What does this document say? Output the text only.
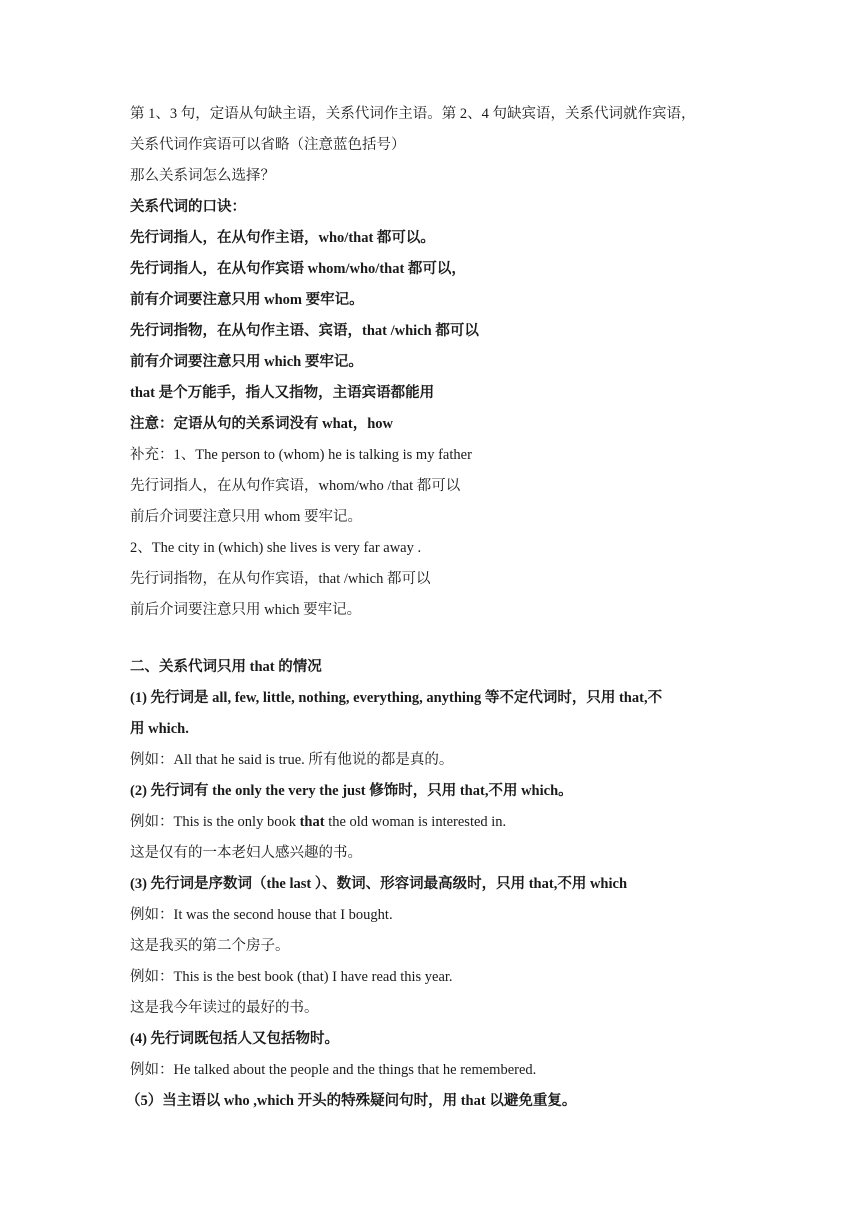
第 1、3 句，定语从句缺主语，关系代词作主语。第 2、4 句缺宾语，关系代词就作宾语，
关系代词作宾语可以省略（注意蓝色括号）
那么关系词怎么选择？
关系代词的口诀：
先行词指人，在从句作主语，who/that 都可以。
先行词指人，在从句作宾语 whom/who/that 都可以，
前有介词要注意只用 whom 要牢记。
先行词指物，在从句作主语、宾语，that /which 都可以
前有介词要注意只用 which 要牢记。
that 是个万能手，指人又指物，主语宾语都能用
注意：定语从句的关系词没有 what，how
补充：1、The person to (whom) he is talking is my father
先行词指人，在从句作宾语，whom/who /that 都可以
前后介词要注意只用 whom 要牢记。
2、The city in (which) she lives is very far away .
先行词指物，在从句作宾语，that /which 都可以
前后介词要注意只用 which 要牢记。
二、关系代词只用 that 的情况
(1) 先行词是 all, few, little, nothing, everything, anything 等不定代词时，只用 that,不
用 which.
例如：All that he said is true. 所有他说的都是真的。
(2) 先行词有 the only the very the just 修饰时，只用 that,不用 which。
例如：This is the only book that the old woman is interested in.
这是仅有的一本老妇人感兴趣的书。
(3) 先行词是序数词（the last ）、数词、形容词最高级时，只用 that,不用 which
例如：It was the second house that I bought.
这是我买的第二个房子。
例如：This is the best book (that) I have read this year.
这是我今年读过的最好的书。
(4) 先行词既包括人又包括物时。
例如：He talked about the people and the things that he remembered.
（5）当主语以 who ,which 开头的特殊疑问句时，用 that 以避免重复。
